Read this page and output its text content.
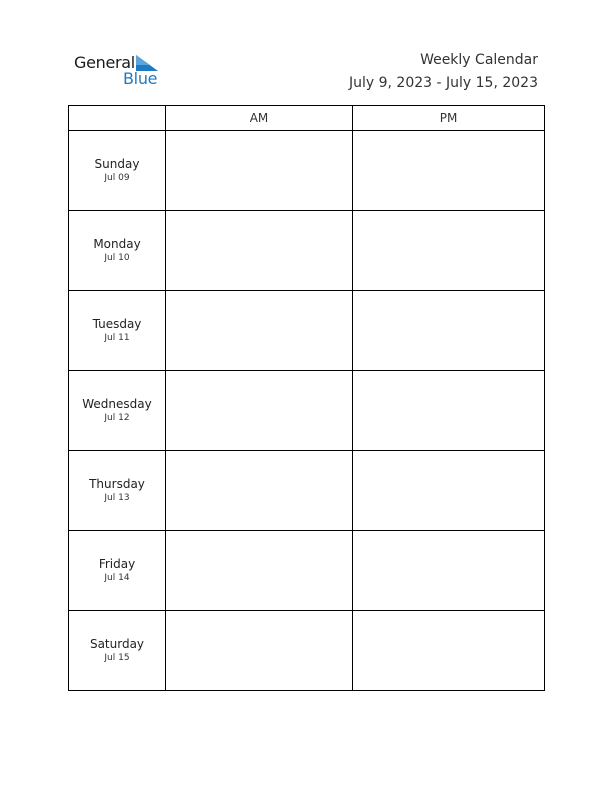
General
Blue
Weekly Calendar
July 9, 2023 - July 15, 2023
	AM	PM

Sunday
Jul 09		

Monday
Jul 10		

Tuesday
Jul 11		

Wednesday
Jul 12		

Thursday
Jul 13		

Friday
Jul 14		

Saturday
Jul 15		
